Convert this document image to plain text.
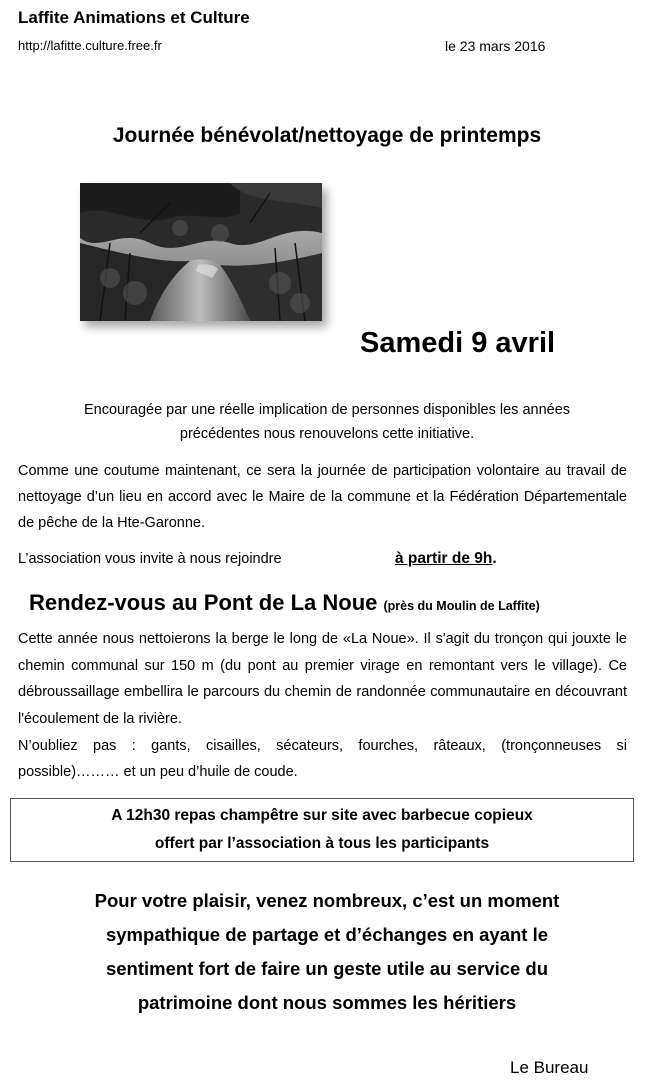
Laffite Animations et Culture
http://lafitte.culture.free.fr	le 23 mars 2016
Journée bénévolat/nettoyage de printemps
Samedi 9 avril
Encouragée par une réelle implication de personnes disponibles les années
précédentes nous renouvelons cette initiative.
Comme une coutume maintenant, ce sera la journée de participation volontaire au travail de nettoyage d’un lieu en accord avec le Maire de la commune et la Fédération Départementale de pêche de la Hte-Garonne.
L’association vous invite à nous rejoindre	à partir de 9h.
Rendez-vous au Pont de La Noue (près du Moulin de Laffite)
Cette année nous nettoierons la berge le long de «La Noue». Il s'agit du tronçon qui jouxte le chemin communal sur 150 m (du pont au premier virage en remontant vers le village). Ce débroussaillage embellira le parcours du chemin de randonnée communautaire en découvrant l'écoulement de la rivière.
N’oubliez pas : gants, cisailles, sécateurs, fourches, râteaux, (tronçonneuses si possible)……… et un peu d’huile de coude.
A 12h30 repas champêtre sur site avec barbecue copieux
offert par l’association à tous les participants
Pour votre plaisir, venez nombreux, c’est un moment
sympathique de partage et d’échanges en ayant le
sentiment fort de faire un geste utile au service du
patrimoine dont nous sommes les héritiers
Le Bureau
